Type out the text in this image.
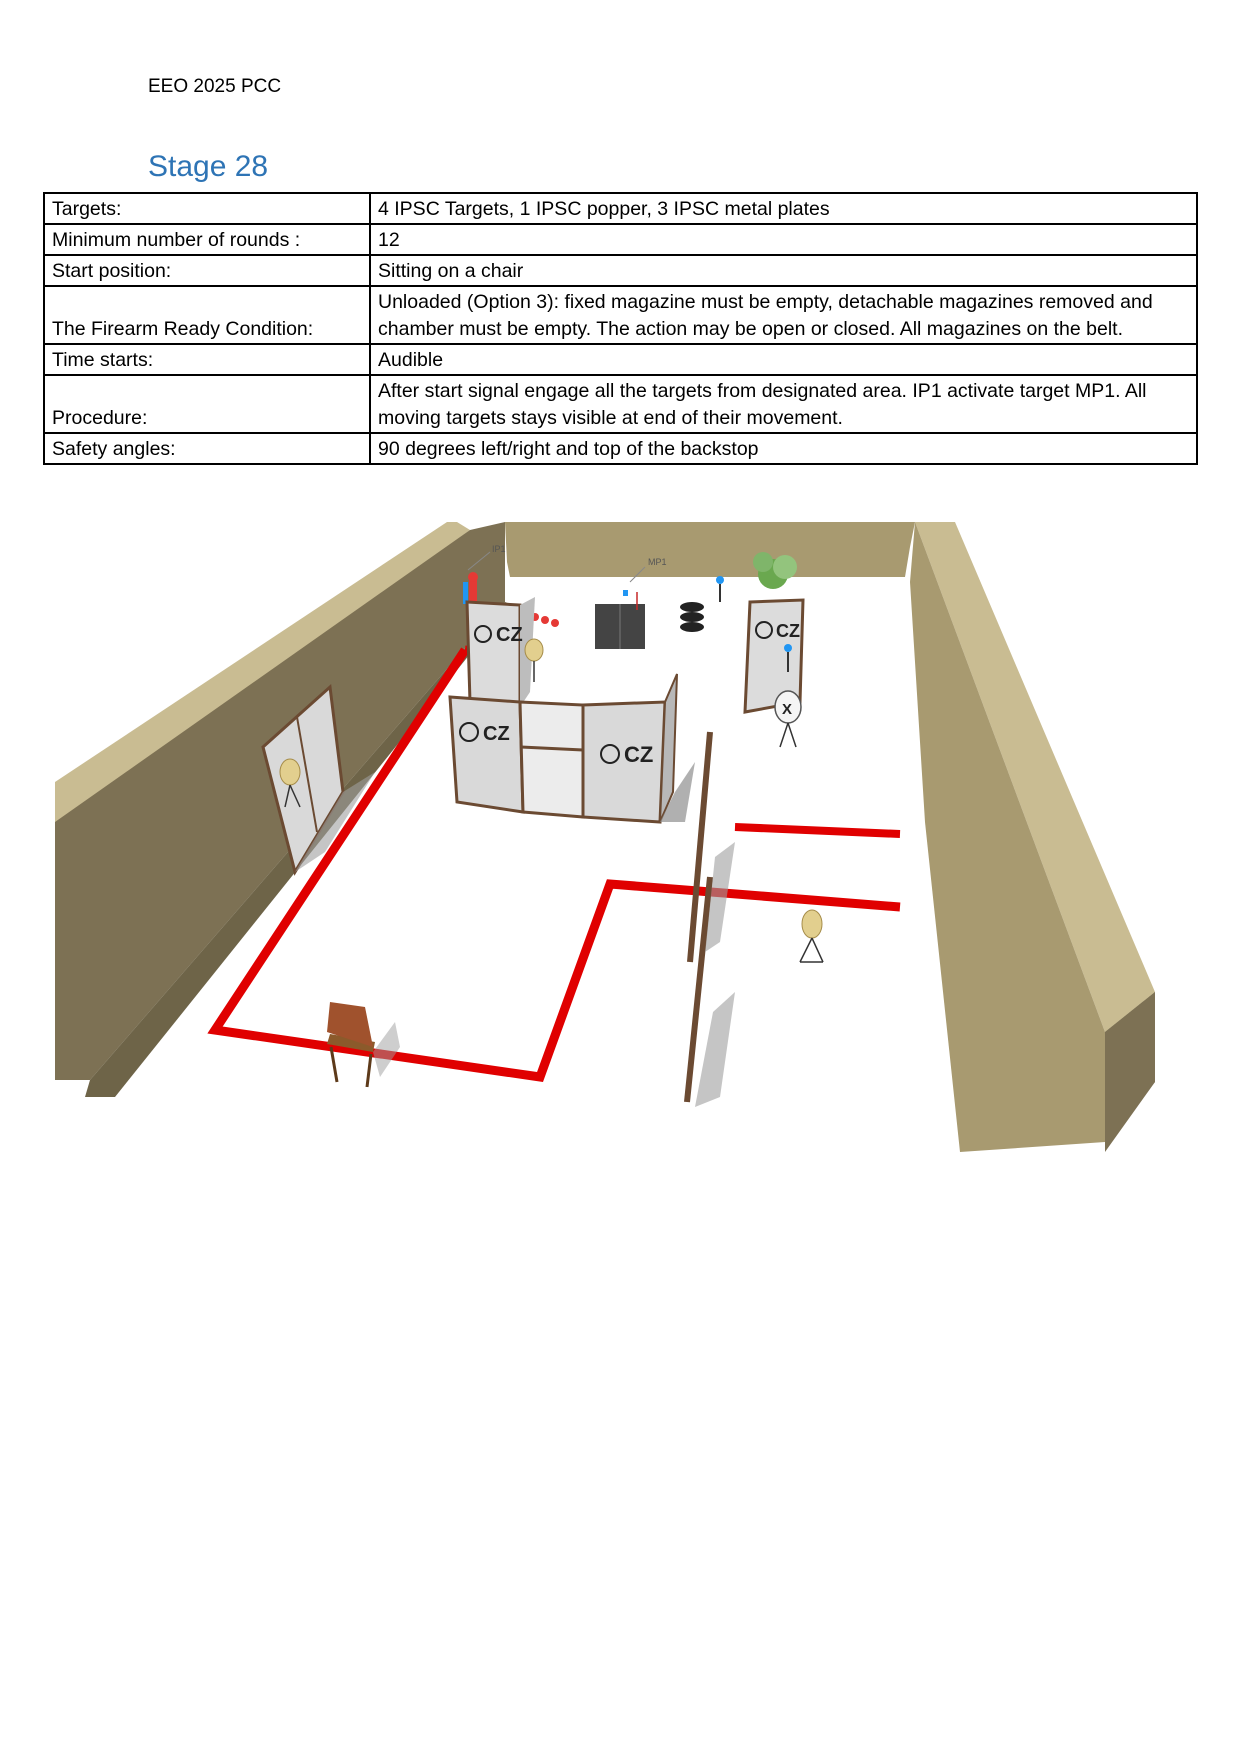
EEO 2025 PCC
Stage 28
Targets:	4 IPSC Targets, 1 IPSC popper, 3 IPSC metal plates
Minimum number of rounds :	12
Start position:	Sitting on a chair
The Firearm Ready Condition:	Unloaded (Option 3): fixed magazine must be empty, detachable magazines removed and chamber must be empty. The action may be open or closed. All magazines on the belt.
Time starts:	Audible
Procedure:	After start signal engage all the targets from designated area. IP1 activate target MP1. All moving targets stays visible at end of their movement.
Safety angles:	90 degrees left/right and top of the backstop
IP1
MP1
CZ	CZ
X
CZ
CZ
